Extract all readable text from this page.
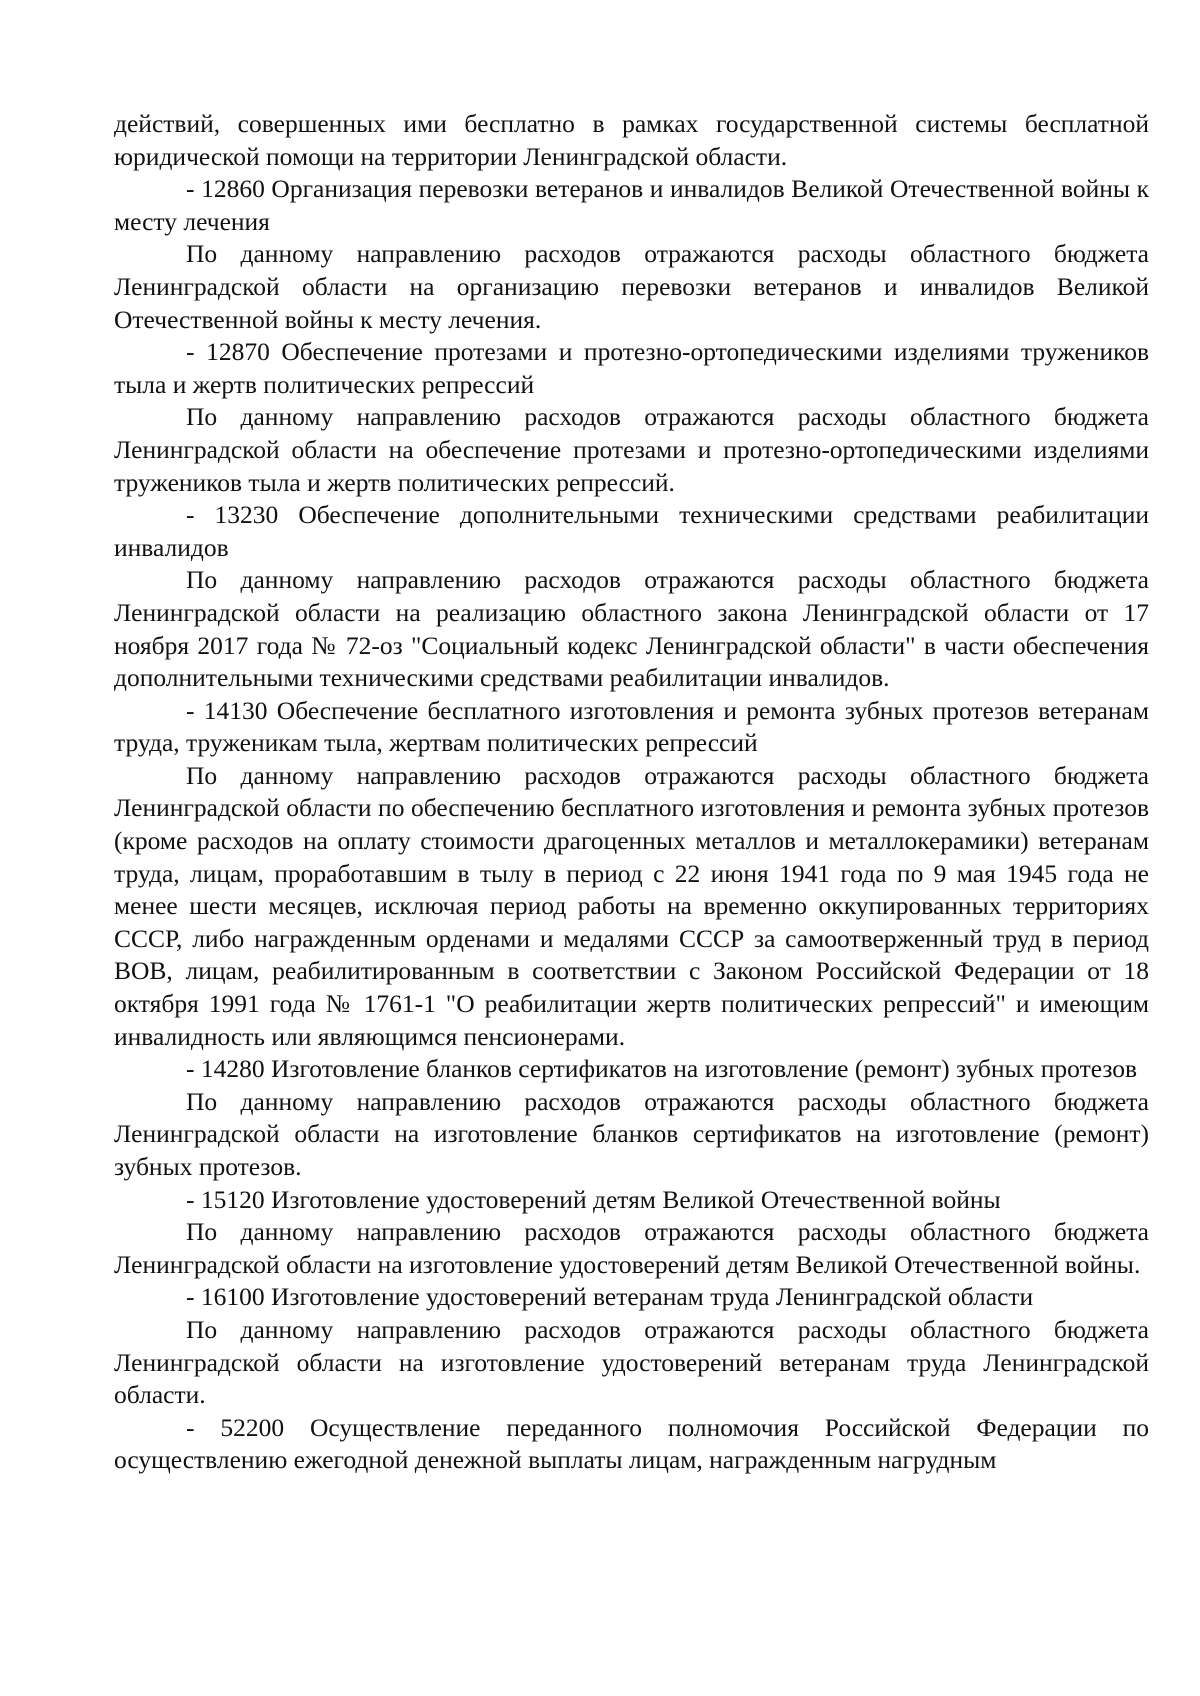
действий, совершенных ими бесплатно в рамках государственной системы бесплатной юридической помощи на территории Ленинградской области.

- 12860 Организация перевозки ветеранов и инвалидов Великой Отечественной войны к месту лечения

По данному направлению расходов отражаются расходы областного бюджета Ленинградской области на организацию перевозки ветеранов и инвалидов Великой Отечественной войны к месту лечения.

- 12870 Обеспечение протезами и протезно-ортопедическими изделиями тружеников тыла и жертв политических репрессий

По данному направлению расходов отражаются расходы областного бюджета Ленинградской области на обеспечение протезами и протезно-ортопедическими изделиями тружеников тыла и жертв политических репрессий.

- 13230 Обеспечение дополнительными техническими средствами реабилитации инвалидов

По данному направлению расходов отражаются расходы областного бюджета Ленинградской области на реализацию областного закона Ленинградской области от 17 ноября 2017 года № 72-оз "Социальный кодекс Ленинградской области" в части обеспечения дополнительными техническими средствами реабилитации инвалидов.

- 14130 Обеспечение бесплатного изготовления и ремонта зубных протезов ветеранам труда, труженикам тыла, жертвам политических репрессий

По данному направлению расходов отражаются расходы областного бюджета Ленинградской области по обеспечению бесплатного изготовления и ремонта зубных протезов (кроме расходов на оплату стоимости драгоценных металлов и металлокерамики) ветеранам труда, лицам, проработавшим в тылу в период с 22 июня 1941 года по 9 мая 1945 года не менее шести месяцев, исключая период работы на временно оккупированных территориях СССР, либо награжденным орденами и медалями СССР за самоотверженный труд в период ВОВ, лицам, реабилитированным в соответствии с Законом Российской Федерации от 18 октября 1991 года № 1761-1 "О реабилитации жертв политических репрессий" и имеющим инвалидность или являющимся пенсионерами.

- 14280 Изготовление бланков сертификатов на изготовление (ремонт) зубных протезов

По данному направлению расходов отражаются расходы областного бюджета Ленинградской области на изготовление бланков сертификатов на изготовление (ремонт) зубных протезов.

- 15120 Изготовление удостоверений детям Великой Отечественной войны

По данному направлению расходов отражаются расходы областного бюджета Ленинградской области на изготовление удостоверений детям Великой Отечественной войны.

- 16100 Изготовление удостоверений ветеранам труда Ленинградской области

По данному направлению расходов отражаются расходы областного бюджета Ленинградской области на изготовление удостоверений ветеранам труда Ленинградской области.

- 52200 Осуществление переданного полномочия Российской Федерации по осуществлению ежегодной денежной выплаты лицам, награжденным нагрудным
